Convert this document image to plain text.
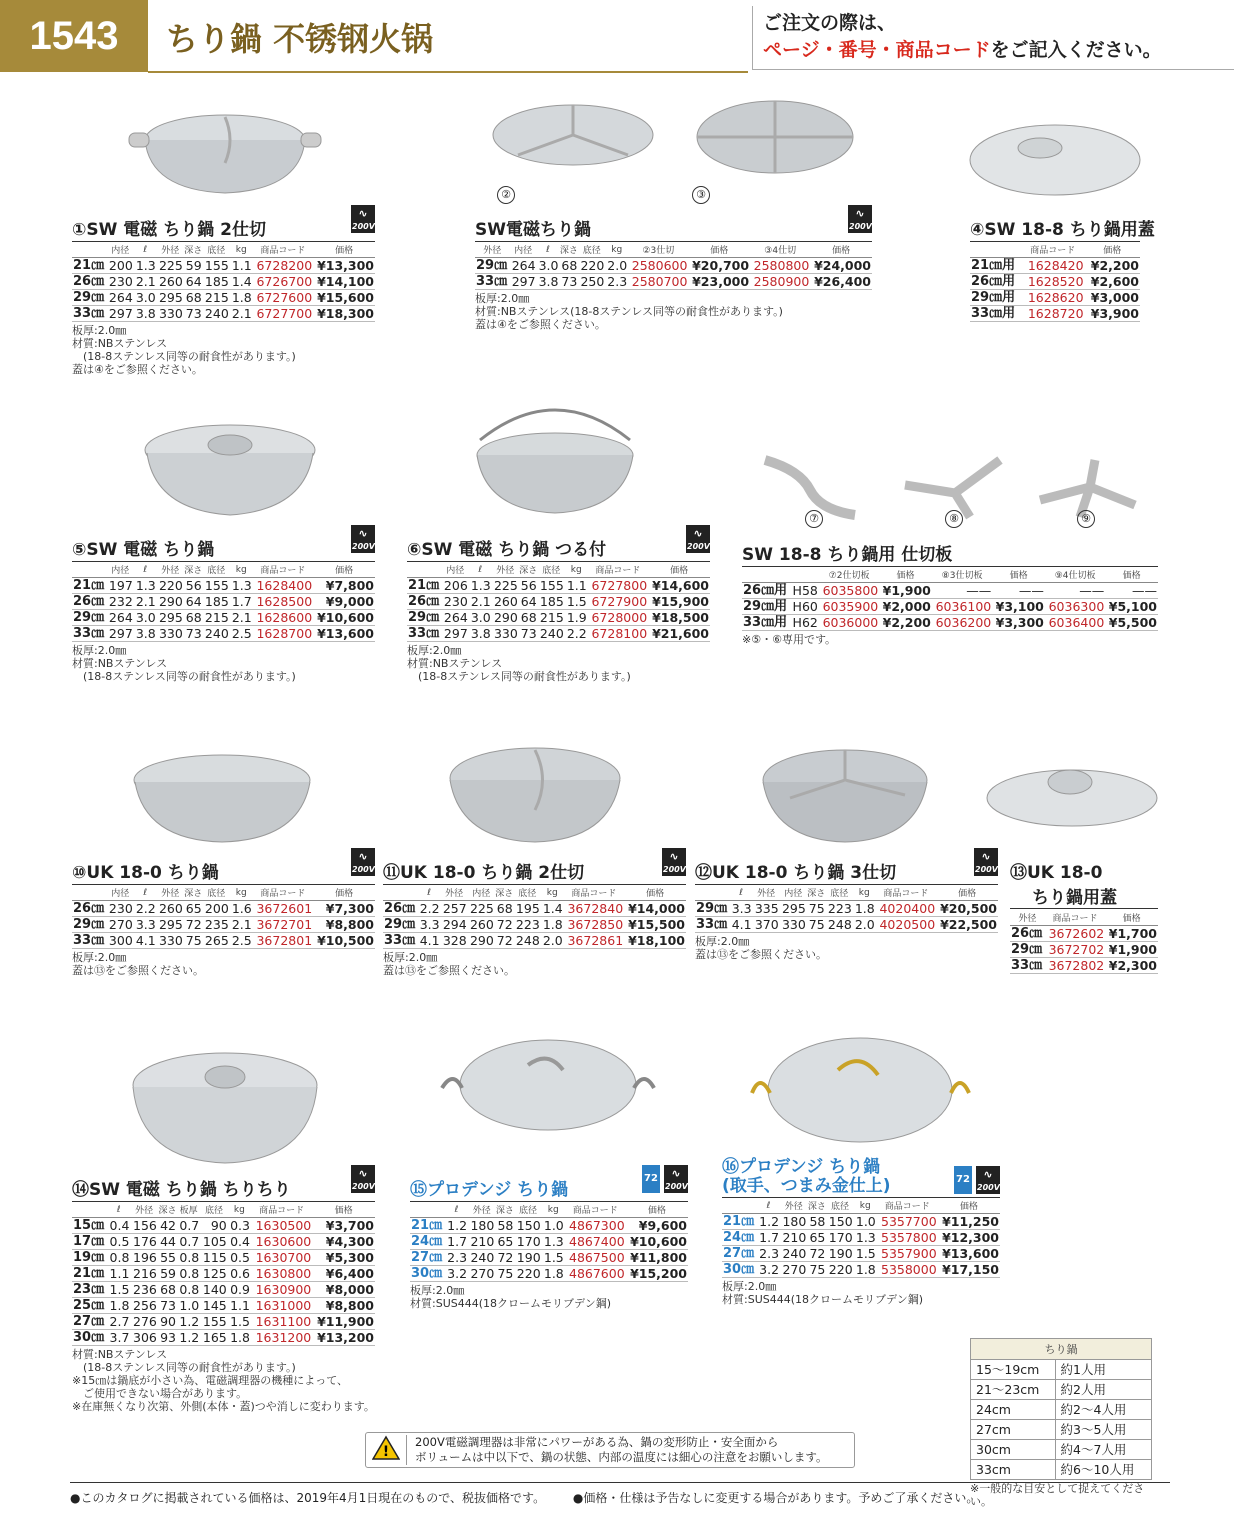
1543	ちり鍋 不锈钢火锅	ご注文の際は、
ページ・番号・商品コードをご記入ください。
②	③
⑦	⑧	⑨
①SW 電磁 ちり鍋 2仕切
∿
200V
	内径	ℓ	外径	深さ	底径	kg	商品コード	価格
21㎝	200	1.3	225	59	155	1.1	6728200	¥13,300
26㎝	230	2.1	260	64	185	1.4	6726700	¥14,100
29㎝	264	3.0	295	68	215	1.8	6727600	¥15,600
33㎝	297	3.8	330	73	240	2.1	6727700	¥18,300
板厚:2.0㎜
材質:NBステンレス
　(18-8ステンレス同等の耐食性があります。)
蓋は④をご参照ください。
SW電磁ちり鍋
∿
200V
外径	内径	ℓ	深さ	底径	kg	②3仕切	価格	③4仕切	価格
29㎝	264	3.0	68	220	2.0	2580600	¥20,700	2580800	¥24,000
33㎝	297	3.8	73	250	2.3	2580700	¥23,000	2580900	¥26,400
板厚:2.0㎜
材質:NBステンレス(18-8ステンレス同等の耐食性があります。)
蓋は④をご参照ください。
④SW 18-8 ちり鍋用蓋
	商品コード	価格
21㎝用	1628420	¥2,200
26㎝用	1628520	¥2,600
29㎝用	1628620	¥3,000
33㎝用	1628720	¥3,900
⑤SW 電磁 ちり鍋
∿
200V
	内径	ℓ	外径	深さ	底径	kg	商品コード	価格
21㎝	197	1.3	220	56	155	1.3	1628400	¥7,800
26㎝	232	2.1	290	64	185	1.7	1628500	¥9,000
29㎝	264	3.0	295	68	215	2.1	1628600	¥10,600
33㎝	297	3.8	330	73	240	2.5	1628700	¥13,600
板厚:2.0㎜
材質:NBステンレス
　(18-8ステンレス同等の耐食性があります。)
⑥SW 電磁 ちり鍋 つる付
∿
200V
	内径	ℓ	外径	深さ	底径	kg	商品コード	価格
21㎝	206	1.3	225	56	155	1.1	6727800	¥14,600
26㎝	230	2.1	260	64	185	1.5	6727900	¥15,900
29㎝	264	3.0	290	68	215	1.9	6728000	¥18,500
33㎝	297	3.8	330	73	240	2.2	6728100	¥21,600
板厚:2.0㎜
材質:NBステンレス
　(18-8ステンレス同等の耐食性があります。)
SW 18-8 ちり鍋用 仕切板
		⑦2仕切板	価格	⑧3仕切板	価格	⑨4仕切板	価格
26㎝用	H58	6035800	¥1,900	——	——	——	——
29㎝用	H60	6035900	¥2,000	6036100	¥3,100	6036300	¥5,100
33㎝用	H62	6036000	¥2,200	6036200	¥3,300	6036400	¥5,500
※⑤・⑥専用です。
⑩UK 18-0 ちり鍋
∿
200V
	内径	ℓ	外径	深さ	底径	kg	商品コード	価格
26㎝	230	2.2	260	65	200	1.6	3672601	¥7,300
29㎝	270	3.3	295	72	235	2.1	3672701	¥8,800
33㎝	300	4.1	330	75	265	2.5	3672801	¥10,500
板厚:2.0㎜
蓋は⑬をご参照ください。
⑪UK 18-0 ちり鍋 2仕切
∿
200V
	ℓ	外径	内径	深さ	底径	kg	商品コード	価格
26㎝	2.2	257	225	68	195	1.4	3672840	¥14,000
29㎝	3.3	294	260	72	223	1.8	3672850	¥15,500
33㎝	4.1	328	290	72	248	2.0	3672861	¥18,100
板厚:2.0㎜
蓋は⑬をご参照ください。
⑫UK 18-0 ちり鍋 3仕切
∿
200V
	ℓ	外径	内径	深さ	底径	kg	商品コード	価格
29㎝	3.3	335	295	75	223	1.8	4020400	¥20,500
33㎝	4.1	370	330	75	248	2.0	4020500	¥22,500
板厚:2.0㎜
蓋は⑬をご参照ください。
⑬UK 18-0
ちり鍋用蓋
外径	商品コード	価格
26㎝	3672602	¥1,700
29㎝	3672702	¥1,900
33㎝	3672802	¥2,300
⑭SW 電磁 ちり鍋 ちりちり
∿
200V
	ℓ	外径	深さ	板厚	底径	kg	商品コード	価格
15㎝	0.4	156	42	0.7	90	0.3	1630500	¥3,700
17㎝	0.5	176	44	0.7	105	0.4	1630600	¥4,300
19㎝	0.8	196	55	0.8	115	0.5	1630700	¥5,300
21㎝	1.1	216	59	0.8	125	0.6	1630800	¥6,400
23㎝	1.5	236	68	0.8	140	0.9	1630900	¥8,000
25㎝	1.8	256	73	1.0	145	1.1	1631000	¥8,800
27㎝	2.7	276	90	1.2	155	1.5	1631100	¥11,900
30㎝	3.7	306	93	1.2	165	1.8	1631200	¥13,200
材質:NBステンレス
　(18-8ステンレス同等の耐食性があります。)
※15㎝は鍋底が小さい為、電磁調理器の機種によって、
　ご使用できない場合があります。
※在庫無くなり次第、外側(本体・蓋)つや消しに変わります。
⑮プロデンジ ちり鍋
72	∿
200V
	ℓ	外径	深さ	底径	kg	商品コード	価格
21㎝	1.2	180	58	150	1.0	4867300	¥9,600
24㎝	1.7	210	65	170	1.3	4867400	¥10,600
27㎝	2.3	240	72	190	1.5	4867500	¥11,800
30㎝	3.2	270	75	220	1.8	4867600	¥15,200
板厚:2.0㎜
材質:SUS444(18クロームモリブデン鋼)
⑯プロデンジ ちり鍋
(取手、つまみ金仕上)	72	∿
200V
	ℓ	外径	深さ	底径	kg	商品コード	価格
21㎝	1.2	180	58	150	1.0	5357700	¥11,250
24㎝	1.7	210	65	170	1.3	5357800	¥12,300
27㎝	2.3	240	72	190	1.5	5357900	¥13,600
30㎝	3.2	270	75	220	1.8	5358000	¥17,150
板厚:2.0㎜
材質:SUS444(18クロームモリブデン鋼)
ちり鍋	
15〜19cm	約1人用
21〜23cm	約2人用
24cm	約2〜4人用
27cm	約3〜5人用
30cm	約4〜7人用
33cm	約6〜10人用
※一般的な目安として捉えてください。
!
200V電磁調理器は非常にパワーがある為、鍋の変形防止・安全面から
ボリュームは中以下で、鍋の状態、内部の温度には細心の注意をお願いします。
●このカタログに掲載されている価格は、2019年4月1日現在のもので、税抜価格です。 ●価格・仕様は予告なしに変更する場合があります。予めご了承ください。
